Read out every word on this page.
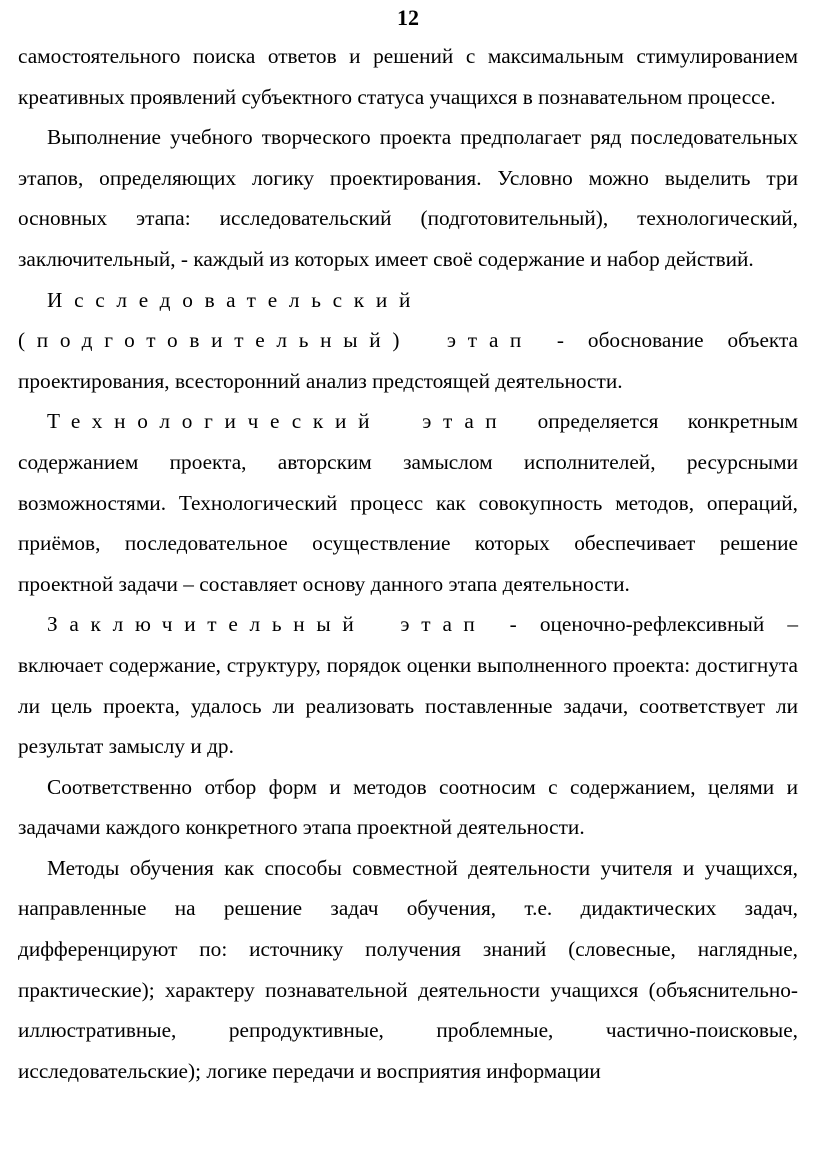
12

самостоятельного поиска ответов и решений с максимальным стимулированием креативных проявлений субъектного статуса учащихся в познавательном процессе.

Выполнение учебного творческого проекта предполагает ряд последовательных этапов, определяющих логику проектирования. Условно можно выделить три основных этапа: исследовательский (подготовительный), технологический, заключительный, - каждый из которых имеет своё содержание и набор действий.

Исследовательский (подготовительный) этап - обоснование объекта проектирования, всесторонний анализ предстоящей деятельности.

Технологический этап определяется конкретным содержанием проекта, авторским замыслом исполнителей, ресурсными возможностями. Технологический процесс как совокупность методов, операций, приёмов, последовательное осуществление которых обеспечивает решение проектной задачи – составляет основу данного этапа деятельности.

Заключительный этап - оценочно-рефлексивный – включает содержание, структуру, порядок оценки выполненного проекта: достигнута ли цель проекта, удалось ли реализовать поставленные задачи, соответствует ли результат замыслу и др.

Соответственно отбор форм и методов соотносим с содержанием, целями и задачами каждого конкретного этапа проектной деятельности.

Методы обучения как способы совместной деятельности учителя и учащихся, направленные на решение задач обучения, т.е. дидактических задач, дифференцируют по: источнику получения знаний (словесные, наглядные, практические); характеру познавательной деятельности учащихся (объяснительно-иллюстративные, репродуктивные, проблемные, частично-поисковые, исследовательские); логике передачи и восприятия информации
